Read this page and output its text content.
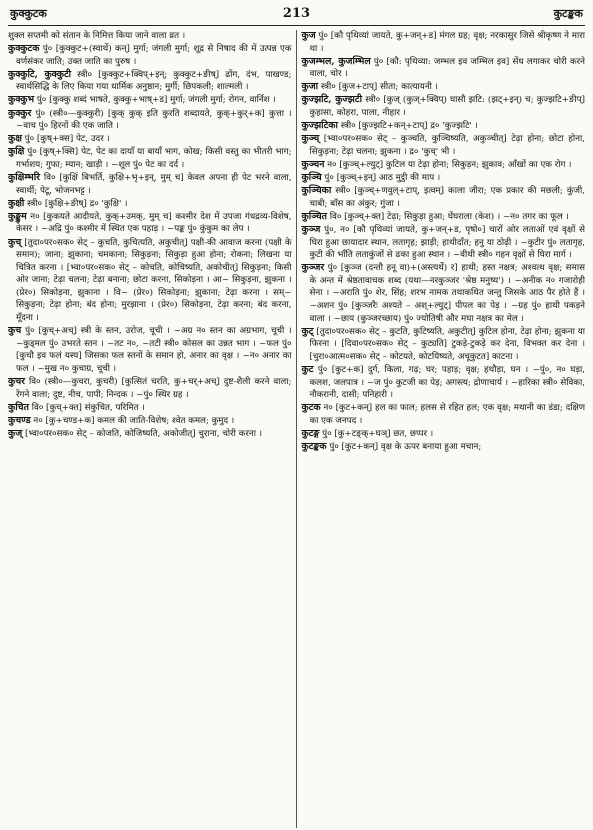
कुक्कुटक	213	कुटङ्कक

शुक्ल सप्तमी को संतान के निमित्त किया जाने वाला व्रत ।

कुक्कुटक पुं० [कुक्कुट+(स्वार्थे) कन्] मुर्गा; जंगली मुर्गा; शूद्र से निषाद की में उत्पन्न एक वर्णसंकर जाति; उक्त जाति का पुरुष ।

कुक्कुटि, कुक्कुटी स्त्री० [कुक्कुट+क्विप्+इन्; कुक्कुट+ङीष्] ढोंग, दंभ, पाखण्ड; स्वार्थसिद्धि के लिए किया गया धार्मिक अनुष्ठान; मुर्गी; छिपकली; शाल्मली ।

कुक्कुभ पुं० [कुक्कु शब्दं भाषते, कुक्कु+भाष्+ड] मुर्गा; जंगली मुर्गा; रोगन, वार्निश ।

कुक्कुर पुं० (स्त्री०—कुक्कुरी) [कुक् कुक् इति कुरति शब्दायते, कुक्+कुर्+क] कुत्ता । ~वाच पुं० हिरनों की एक जाति ।

कुक्ष पुं० [कुष्+क्स] पेट, उदर ।

कुक्षि पुं० [कुष्+क्सि] पेट, पेट का दायाँ या बायाँ भाग, कोख; किसी वस्तु का भीतरी भाग; गर्भाशय; गुफा; म्यान; खाड़ी । ~शूल पुं० पेट का दर्द ।

कुक्षिम्भरि वि० [कुक्षिं बिभर्ति, कुक्षि+भृ+इन्, मुम् च] केवल अपना ही पेट भरने वाला, स्वार्थी; पेटू, भोजनभट्ट ।

कुक्षी स्त्री० [कुक्षि+ङीष्] द्र० 'कुक्षि' ।

कुङ्कुम न० [कुकयते आदीयते, कुक्+उमक्, मुम् च] कश्मीर देश में उपजा गंधद्रव्य-विशेष, केसर । ~अद्रि पुं० कश्मीर में स्थित एक पहाड़ । ~पङ्क पुं० कुंकुम का लेप ।

कुच् [तुदा०पर०सक० सेट् – कुचति, कुचित्यति, अकुचीत्] पक्षी-की आवाज करना (पक्षी के समान); जाना; झुकाना; चमकाना; सिकुड़ना; सिकुड़ा हुआ होना; रोकना; लिखना या चित्रित करना । [भ्वा०पर०सक० सेट् – कोचति, कोचिष्यति, अकोचीत्] सिकुड़ना; किसी ओर जाना; टेढ़ा चलना; टेढ़ा बनाना; छोटा करना, सिकोड़ना । आ~ सिकुड़ना, झुकना । (प्रेर०) सिकोड़ना, झुकाना । वि~ (प्रेर०) सिकोड़ना; झुकाना; टेढ़ा करना । सम्~ सिकुड़ना; टेढ़ा होना; बंद होना; मुरझाना । (प्रेर०) सिकोड़ना, टेढ़ा करना; बंद करना, मूँदना ।

कुच पुं० [कुच्+अच्] स्त्री के स्तन, उरोज, चूची । ~अग्र न० स्तन का अग्रभाग, चूची । ~कुड्मल पुं० उभरते स्तन । ~तट न०, ~तटी स्त्री० कोसल का उन्नत भाग । ~फल पुं० [कुचौ इव फलं यस्य] जिसका फल स्तनों के समान हो, अनार का वृक्ष । ~न० अनार का फल । ~मुख न० कुचाग्र, चूची ।

कुचर वि० (स्त्री०—कुचरा, कुचरी) [कुत्सितं चरति, कु+चर्+अच्] दुष्ट-शैली करने वाला; रेंगने वाला; दुष्ट, नीच, पापी; निन्दक । ~पुं० स्थिर ग्रह ।

कुचित वि० [कुच्+क्त] संकुचित, परिमित ।

कुचण्ड न० [कु+चण्ड+क] कमल की जाति-विशेष; श्वेत कमल; कुमुद ।

कुज् [भ्वा०पर०सक० सेट् – कोजति, कोजिष्यति, अकोजीत्] चुराना, चोरी करना ।

कुज पुं० [कौ पृथिव्यां जायते, कु+जन्+ड] मंगल ग्रह; वृक्ष; नरकासुर जिसे श्रीकृष्ण ने मारा था ।

कुजम्भल, कुजम्भिल पुं० [कौ: पृथिव्या: जम्भल इव जम्भिल इव] सेंध लगाकर चोरी करने वाला, चोर ।

कुजा स्त्री० [कुज+टाप्] सीता; कात्यायनी ।

कुज्झटि, कुज्झटी स्त्री० [कुज् (कुज्+क्विप्) घासौ झटि: (झट्+इन्) च; कुज्झटि+ङीप्] कुहासा, कोहरा, पाला, नीहार ।

कुज्झटिका स्त्री० [कुज्झटि+कन्+टाप्] द्र० 'कुज्झटि' ।

कुञ्च् [भ्वा०पर०सक० सेट् – कुञ्चति, कुञ्चिष्यति, अकुञ्चीत्] टेढ़ा होना; छोटा होना, सिकुड़ना; टेढ़ा चलना; झुकना । द्र० 'कुच्' भी ।

कुञ्चन न० [कुञ्च्+ल्युट्] कुटिल या टेढ़ा होना; सिकुड़न; झुकाव; आँखों का एक रोग ।

कुञ्चि पुं० [कुञ्च्+इन्] आठ मुट्ठी की माप ।

कुञ्चिका स्त्री० [कुञ्च्+णवुल्+टाप्, इत्वम्] काला जीरा; एक प्रकार की मछली; कुंजी, चाबी; बाँस का अंकुर; गुंजा ।

कुञ्चित वि० [कुञ्च्+क्त] टेढ़ा; सिकुड़ा हुआ; घेंघराला (केश) । ~न० तगर का फूल ।

कुञ्ज पुं०, न० [कौ पृथिव्यां जायते, कु+जन्+ड, पृषो०] चारों ओर लताओं एवं वृक्षों से घिरा हुआ छायादार स्थान, लतागृह; झाड़ी; हाथीदाँत; हनु या ठोढ़ी । ~कुटीर पुं० लतागृह, कुटी की भाँति लताकुंजों से ढका हुआ स्थान । ~वीथी स्त्री० गहन वृक्षों से घिरा मार्ग ।

कुञ्जर पुं० [कुञ्ज (दन्तौ हनू वा)+(अस्त्यर्थे) र] हाथी; हस्त नक्षत्र; अश्वत्थ वृक्ष; समास के अन्त में श्रेष्ठतावाचक शब्द (यथा—नरकुञ्जर 'श्रेष्ठ मनुष्य') । ~अनीक न० गजारोही सेना । ~अराति पुं० शेर, सिंह; शरभ नामक तथाकथित जन्तु जिसके आठ पैर होते हैं । ~अशन पुं० [कुञ्जरैः अश्यते – अश्+ल्युट्] पीपल का पेड़ । ~ग्रह पुं० हाथी पकड़ने वाला । ~छाय (कुञ्जरच्छाय) पुं० ज्योतिषी और मघा नक्षत्र का मेल ।

कुट् [तुदा०पर०सक० सेट् – कुटति, कुटिष्यति, अकुटीत्] कुटिल होना, टेढ़ा होना; झुकना या फिरना । [दिवा०पर०सक० सेट् – कुट्यति] टुकड़े-टुकड़े कर देना, विभक्त कर देना । [चुरा०आत्म०सक० सेट् – कोटयते, कोटयिष्यते, अचूकुटत] काटना ।

कुट पुं० [कुट+क] दुर्ग, किला, गढ़; घर; पहाड़; वृक्ष; हथौड़ा, घन । ~पुं०, न० घड़ा, कलश, जलपात्र । ~ज पुं० कुटजी का पेड़; अगस्त्य; द्रोणाचार्य । ~हारिका स्त्री० सेविका, नौकरानी, दासी; पनिहारी ।

कुटक न० [कुट+कन्] हल का फाल; हलस से रहित हल; एक वृक्ष; मथानी का डंडा; दक्षिण का एक जनपद ।

कुटङ्ग पुं० [कु+टङ्क्+घञ्] छत, छप्पर ।

कुटङ्कक पुं० [कुट+कन्] वृक्ष के ऊपर बनाया हुआ मचान;
